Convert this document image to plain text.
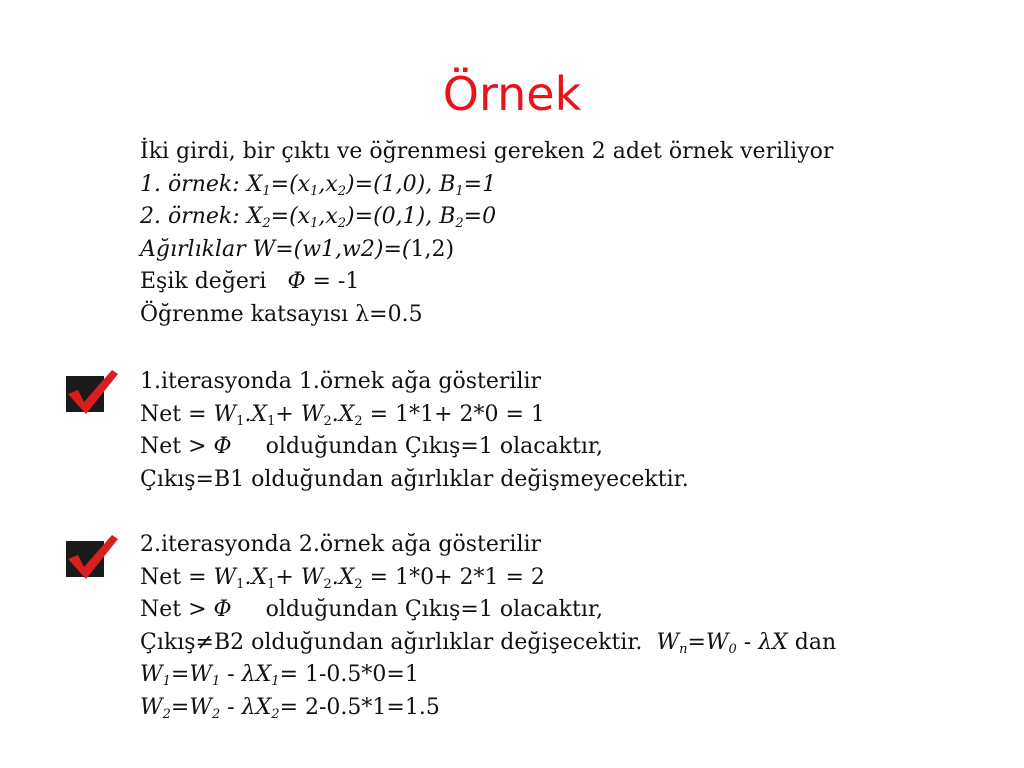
Örnek
İki girdi, bir çıktı ve öğrenmesi gereken 2 adet örnek veriliyor
1. örnek: $X_1=(x_1,x_2)=(1,0)$, $B_1=1$
2. örnek: $X_2=(x_1,x_2)=(0,1)$, $B_2=0$
Ağırlıklar W=(w1,w2)=(1,2)
Eşik değeri Φ = -1
Öğrenme katsayısı λ=0.5
1.iterasyonda 1.örnek ağa gösterilir
Net = $W_1.X_1+ W_2.X_2 = 1*1+ 2*0 = 1$
Net > Φ olduğundan Çıkış=1 olacaktır,
Çıkış=B1 olduğundan ağırlıklar değişmeyecektir.
2.iterasyonda 2.örnek ağa gösterilir
Net = $W_1.X_1+ W_2.X_2 = 1*0+ 2*1 = 2$
Net > Φ olduğundan Çıkış=1 olacaktır,
Çıkış≠B2 olduğundan ağırlıklar değişecektir. $W_n=W_0 - \lambda X$ dan
$W_1=W_1 - \lambda X_1= 1-0.5*0=1$
$W_2=W_2 - \lambda X_2= 2-0.5*1=1.5$
